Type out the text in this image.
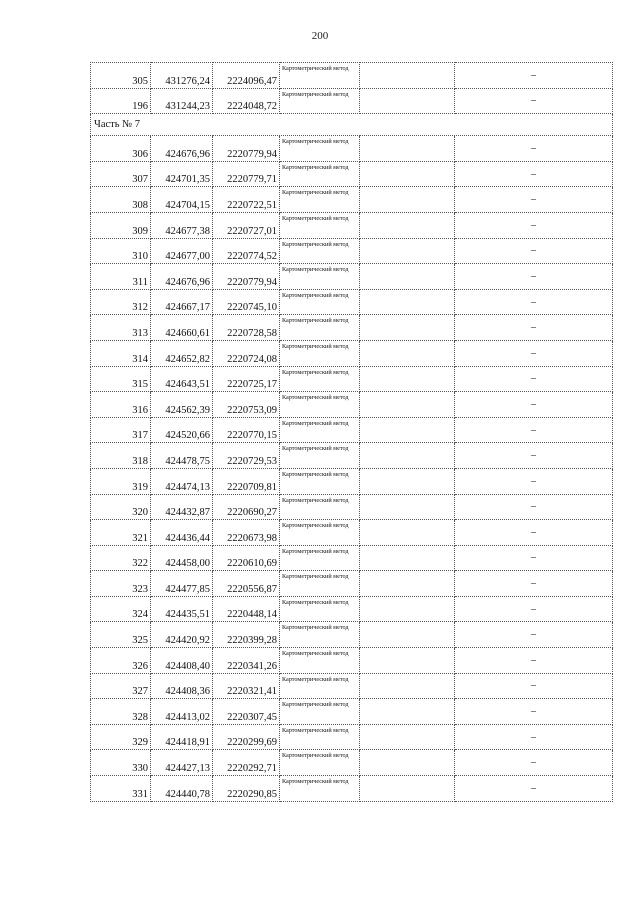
200
305	431276,24	2224096,47	Картометрический метод		–
196	431244,23	2224048,72	Картометрический метод		–
Часть № 7					
306	424676,96	2220779,94	Картометрический метод		–
307	424701,35	2220779,71	Картометрический метод		–
308	424704,15	2220722,51	Картометрический метод		–
309	424677,38	2220727,01	Картометрический метод		–
310	424677,00	2220774,52	Картометрический метод		–
311	424676,96	2220779,94	Картометрический метод		–
312	424667,17	2220745,10	Картометрический метод		–
313	424660,61	2220728,58	Картометрический метод		–
314	424652,82	2220724,08	Картометрический метод		–
315	424643,51	2220725,17	Картометрический метод		–
316	424562,39	2220753,09	Картометрический метод		–
317	424520,66	2220770,15	Картометрический метод		–
318	424478,75	2220729,53	Картометрический метод		–
319	424474,13	2220709,81	Картометрический метод		–
320	424432,87	2220690,27	Картометрический метод		–
321	424436,44	2220673,98	Картометрический метод		–
322	424458,00	2220610,69	Картометрический метод		–
323	424477,85	2220556,87	Картометрический метод		–
324	424435,51	2220448,14	Картометрический метод		–
325	424420,92	2220399,28	Картометрический метод		–
326	424408,40	2220341,26	Картометрический метод		–
327	424408,36	2220321,41	Картометрический метод		–
328	424413,02	2220307,45	Картометрический метод		–
329	424418,91	2220299,69	Картометрический метод		–
330	424427,13	2220292,71	Картометрический метод		–
331	424440,78	2220290,85	Картометрический метод		–
